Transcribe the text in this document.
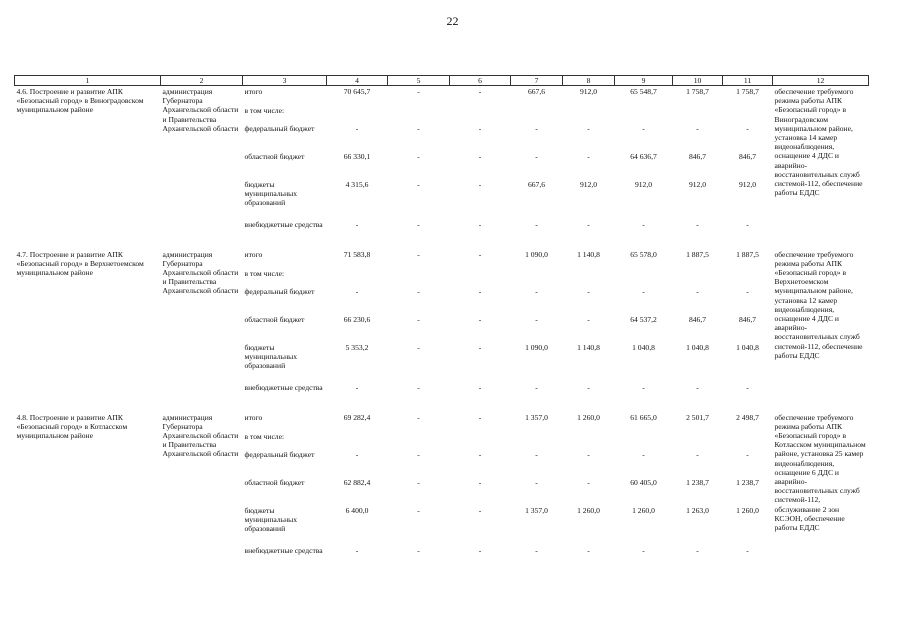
22
1	2	3	4	5	6	7	8	9	10	11	12
4.6. Построение и развитие АПК «Безопасный город» в Виноградовском муниципальном районе	администрация Губернатора Архангельской области и Правительства Архангельской области	итого	70 645,7	-	-	667,6	912,0	65 548,7	1 758,7	1 758,7	обеспечение требуемого режима работы АПК «Безопасный город» в Виноградовском муниципальном районе, установка 14 камер видеонаблюдения, оснащение 4 ДДС и аварийно-восстановительных служб системой-112, обеспечение работы ЕДДС
		в том числе:									
		федеральный бюджет	-	-	-	-	-	-	-	-	
		областной бюджет	66 330,1	-	-	-	-	64 636,7	846,7	846,7	
		бюджеты муниципальных образований	4 315,6	-	-	667,6	912,0	912,0	912,0	912,0	
		внебюджетные средства	-	-	-	-	-	-	-	-	
4.7. Построение и развитие АПК «Безопасный город» в Верхнетоемском муниципальном районе	администрация Губернатора Архангельской области и Правительства Архангельской области	итого	71 583,8	-	-	1 090,0	1 140,8	65 578,0	1 887,5	1 887,5	обеспечение требуемого режима работы АПК «Безопасный город» в Верхнетоемском муниципальном районе, установка 12 камер видеонаблюдения, оснащение 4 ДДС и аварийно-восстановительных служб системой-112, обеспечение работы ЕДДС
		в том числе:									
		федеральный бюджет	-	-	-	-	-	-	-	-	
		областной бюджет	66 230,6	-	-	-	-	64 537,2	846,7	846,7	
		бюджеты муниципальных образований	5 353,2	-	-	1 090,0	1 140,8	1 040,8	1 040,8	1 040,8	
		внебюджетные средства	-	-	-	-	-	-	-	-	
4.8. Построение и развитие АПК «Безопасный город» в Котласском муниципальном районе	администрация Губернатора Архангельской области и Правительства Архангельской области	итого	69 282,4	-	-	1 357,0	1 260,0	61 665,0	2 501,7	2 498,7	обеспечение требуемого режима работы АПК «Безопасный город» в Котласском муниципальном районе, установка 25 камер видеонаблюдения, оснащение 6 ДДС и аварийно-восстановительных служб системой-112, обслуживание 2 зон КСЭОН, обеспечение работы ЕДДС
		в том числе:									
		федеральный бюджет	-	-	-	-	-	-	-	-	
		областной бюджет	62 882,4	-	-	-	-	60 405,0	1 238,7	1 238,7	
		бюджеты муниципальных образований	6 400,0	-	-	1 357,0	1 260,0	1 260,0	1 263,0	1 260,0	
		внебюджетные средства	-	-	-	-	-	-	-	-	
